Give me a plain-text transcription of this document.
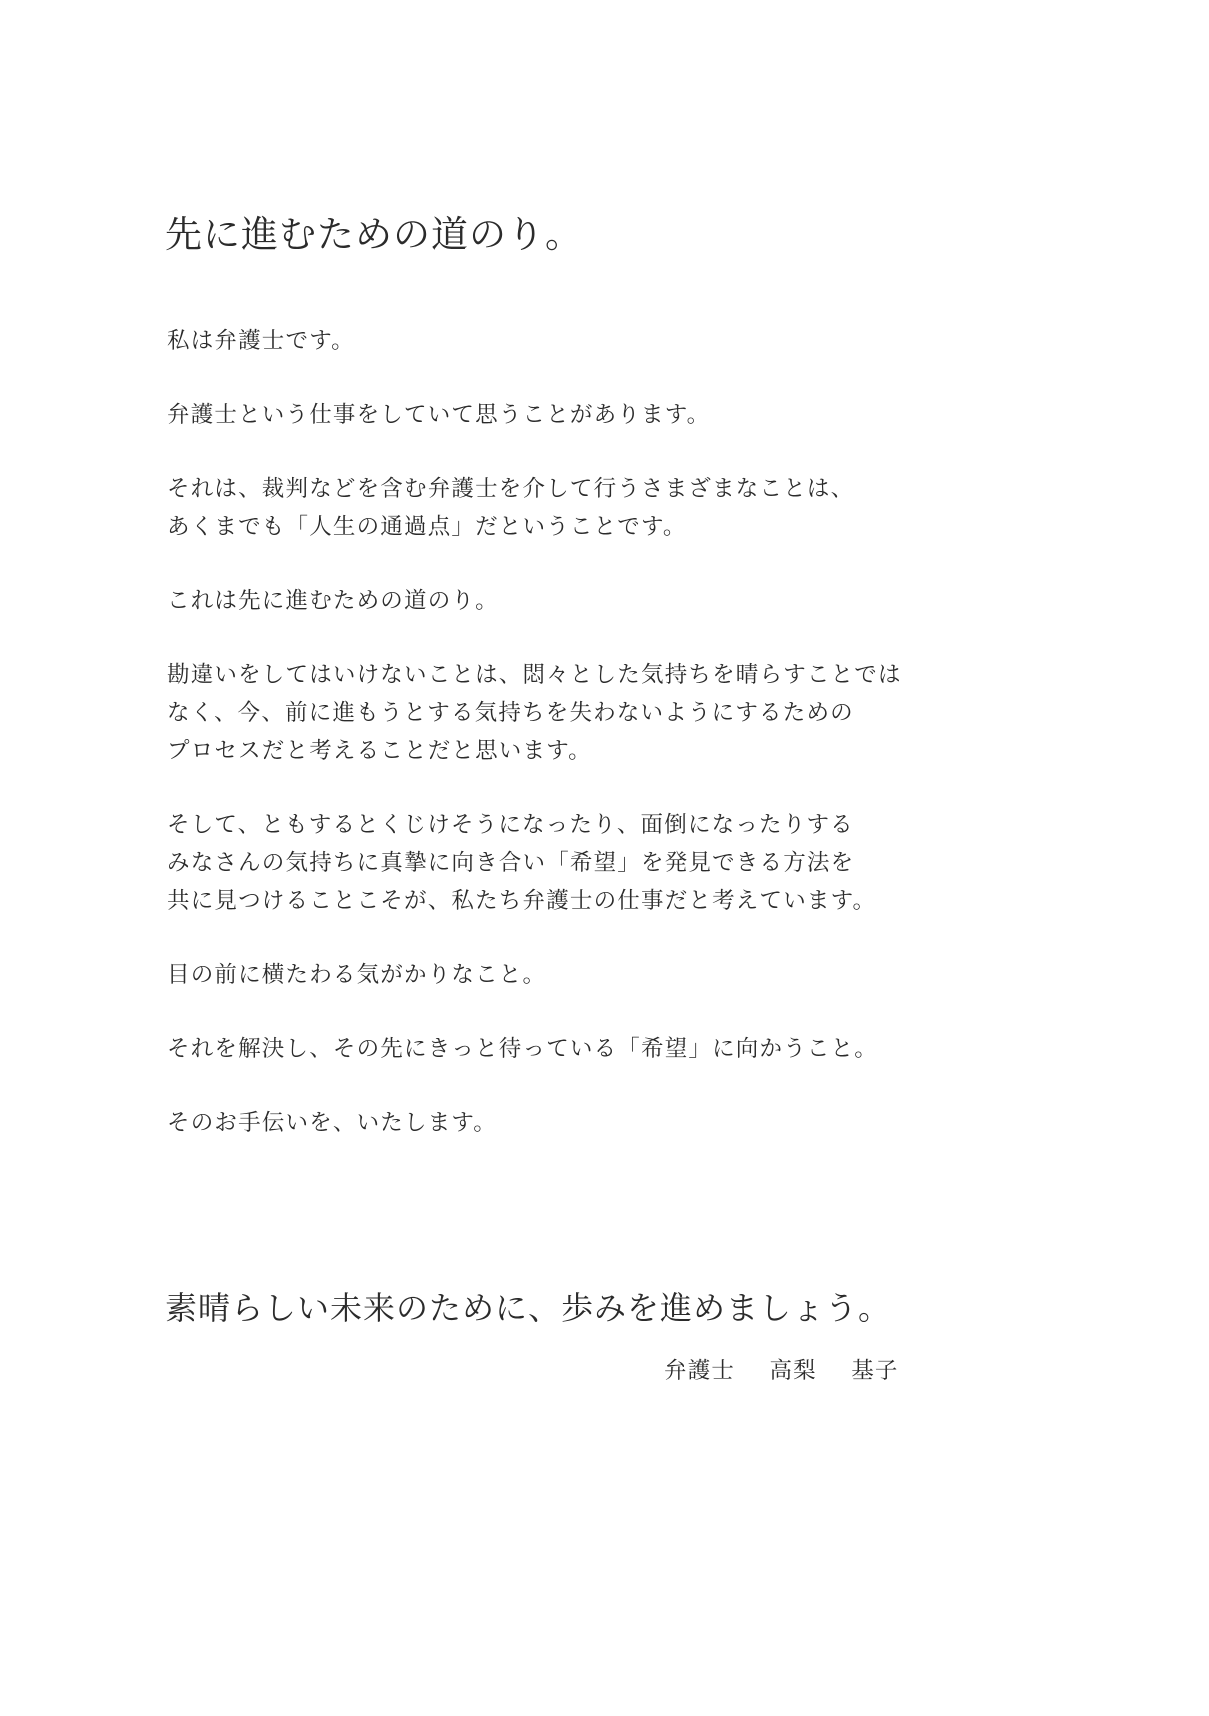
先に進むための道のり。

私は弁護士です。

弁護士という仕事をしていて思うことがあります。

それは、裁判などを含む弁護士を介して行うさまざまなことは、
あくまでも「人生の通過点」だということです。

これは先に進むための道のり。

勘違いをしてはいけないことは、悶々とした気持ちを晴らすことでは
なく、今、前に進もうとする気持ちを失わないようにするための
プロセスだと考えることだと思います。

そして、ともするとくじけそうになったり、面倒になったりする
みなさんの気持ちに真摯に向き合い「希望」を発見できる方法を
共に見つけることこそが、私たち弁護士の仕事だと考えています。

目の前に横たわる気がかりなこと。

それを解決し、その先にきっと待っている「希望」に向かうこと。

そのお手伝いを、いたします。

素晴らしい未来のために、歩みを進めましょう。
弁護士 高梨 基子
